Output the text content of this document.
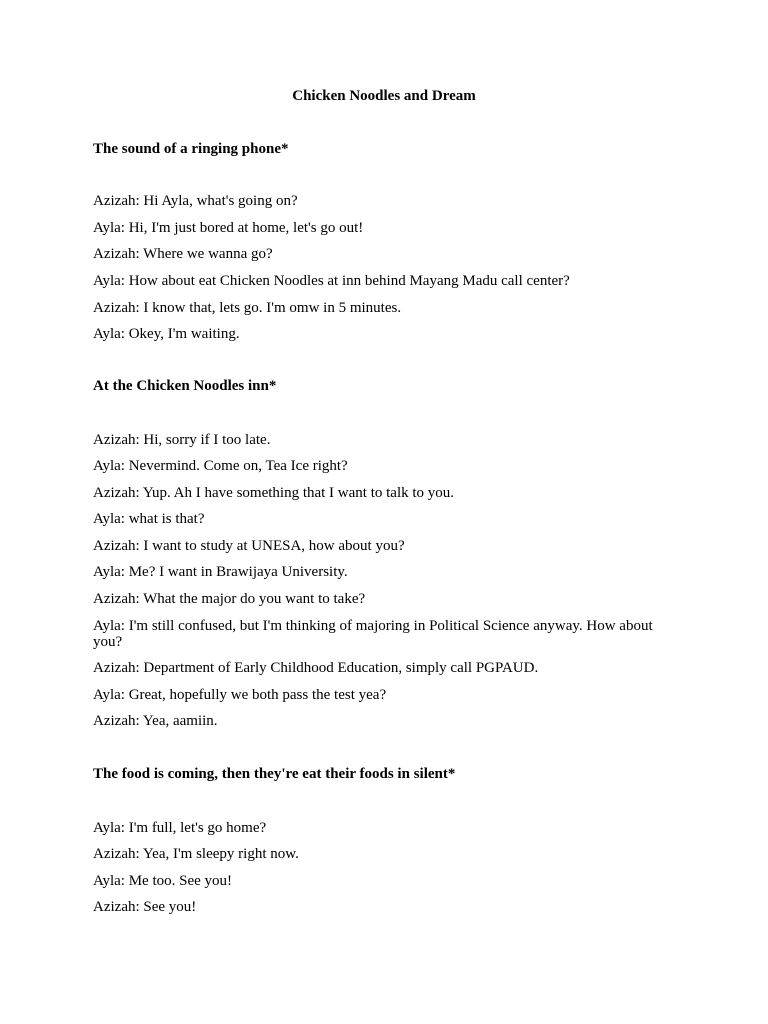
Chicken Noodles and Dream
The sound of a ringing phone*
Azizah: Hi Ayla, what's going on?
Ayla: Hi, I'm just bored at home, let's go out!
Azizah: Where we wanna go?
Ayla: How about eat Chicken Noodles at inn behind Mayang Madu call center?
Azizah: I know that, lets go. I'm omw in 5 minutes.
Ayla: Okey, I'm waiting.
At the Chicken Noodles inn*
Azizah: Hi, sorry if I too late.
Ayla: Nevermind. Come on, Tea Ice right?
Azizah: Yup. Ah I have something that I want to talk to you.
Ayla: what is that?
Azizah: I want to study at UNESA, how about you?
Ayla: Me? I want in Brawijaya University.
Azizah: What the major do you want to take?
Ayla: I'm still confused, but I'm thinking of majoring in Political Science anyway. How about you?
Azizah: Department of Early Childhood Education, simply call PGPAUD.
Ayla: Great, hopefully we both pass the test yea?
Azizah: Yea, aamiin.
The food is coming, then they're eat their foods in silent*
Ayla: I'm full, let's go home?
Azizah: Yea, I'm sleepy right now.
Ayla: Me too. See you!
Azizah: See you!
